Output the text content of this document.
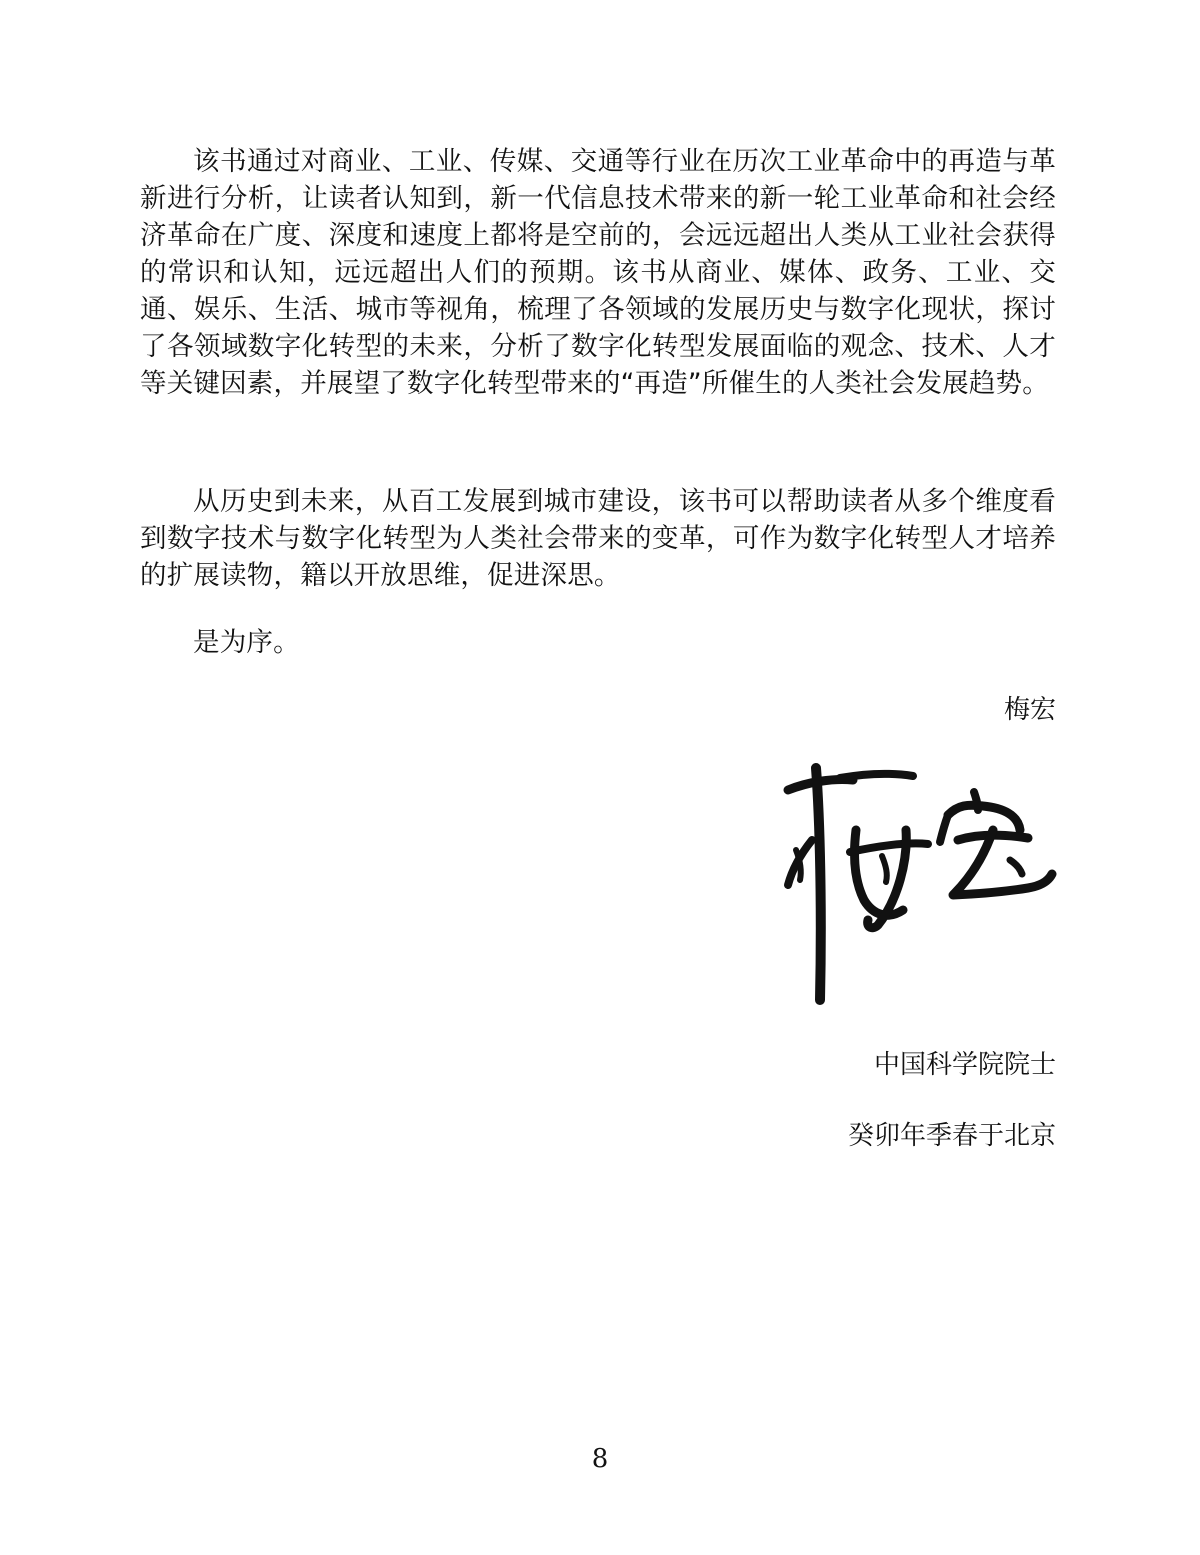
该书通过对商业、工业、传媒、交通等行业在历次工业革命中的再造与革新进行分析，让读者认知到，新一代信息技术带来的新一轮工业革命和社会经济革命在广度、深度和速度上都将是空前的，会远远超出人类从工业社会获得的常识和认知，远远超出人们的预期。该书从商业、媒体、政务、工业、交通、娱乐、生活、城市等视角，梳理了各领域的发展历史与数字化现状，探讨了各领域数字化转型的未来，分析了数字化转型发展面临的观念、技术、人才等关键因素，并展望了数字化转型带来的“再造”所催生的人类社会发展趋势。

从历史到未来，从百工发展到城市建设，该书可以帮助读者从多个维度看到数字技术与数字化转型为人类社会带来的变革，可作为数字化转型人才培养的扩展读物，籍以开放思维，促进深思。

是为序。

梅宏

中国科学院院士

癸卯年季春于北京

8
